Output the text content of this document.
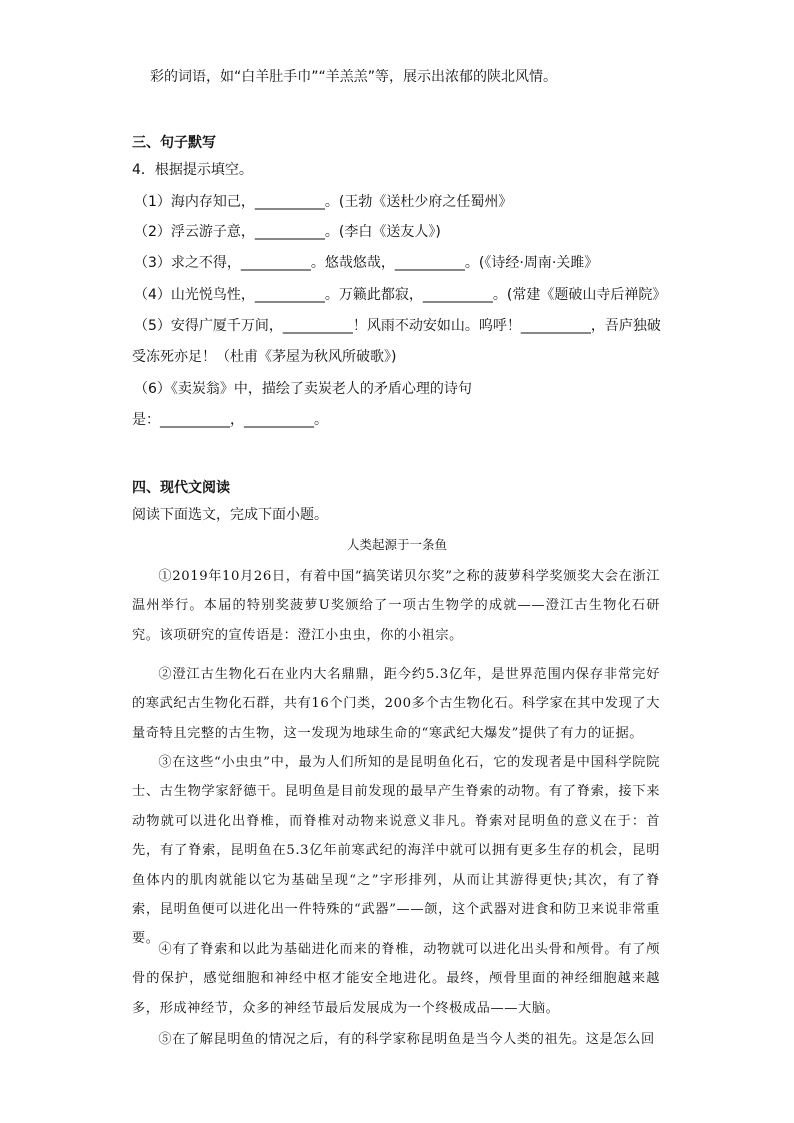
彩的词语，如“白羊肚手巾”“羊羔羔”等，展示出浓郁的陕北风情。
三、句子默写
4．根据提示填空。
（1）海内存知己，__________。(王勃《送杜少府之任蜀州》
（2）浮云游子意，__________。(李白《送友人》)
（3）求之不得，__________。悠哉悠哉，__________。(《诗经·周南·关雎》
（4）山光悦鸟性，__________。万籁此都寂，__________。(常建《题破山寺后禅院》
（5）安得广厦千万间，__________！风雨不动安如山。呜呼！__________，吾庐独破
受冻死亦足！（杜甫《茅屋为秋风所破歌》)
（6）《卖炭翁》中，描绘了卖炭老人的矛盾心理的诗句
是：__________，__________。
四、现代文阅读
阅读下面选文，完成下面小题。
人类起源于一条鱼

①2019年10月26日，有着中国“搞笑诺贝尔奖”之称的菠萝科学奖颁奖大会在浙江温州举行。本届的特别奖菠萝U奖颁给了一项古生物学的成就——澄江古生物化石研究。该项研究的宣传语是：澄江小虫虫，你的小祖宗。

②澄江古生物化石在业内大名鼎鼎，距今约5.3亿年，是世界范围内保存非常完好的寒武纪古生物化石群，共有16个门类，200多个古生物化石。科学家在其中发现了大量奇特且完整的古生物，这一发现为地球生命的“寒武纪大爆发”提供了有力的证据。

③在这些“小虫虫”中，最为人们所知的是昆明鱼化石，它的发现者是中国科学院院士、古生物学家舒德干。昆明鱼是目前发现的最早产生脊索的动物。有了脊索，接下来动物就可以进化出脊椎，而脊椎对动物来说意义非凡。脊索对昆明鱼的意义在于：首先，有了脊索，昆明鱼在5.3亿年前寒武纪的海洋中就可以拥有更多生存的机会，昆明鱼体内的肌肉就能以它为基础呈现“之”字形排列，从而让其游得更快;其次，有了脊索，昆明鱼便可以进化出一件特殊的“武器”——颌，这个武器对进食和防卫来说非常重要。

④有了脊索和以此为基础进化而来的脊椎，动物就可以进化出头骨和颅骨。有了颅骨的保护，感觉细胞和神经中枢才能安全地进化。最终，颅骨里面的神经细胞越来越多，形成神经节，众多的神经节最后发展成为一个终极成品——大脑。

⑤在了解昆明鱼的情况之后，有的科学家称昆明鱼是当今人类的祖先。这是怎么回
